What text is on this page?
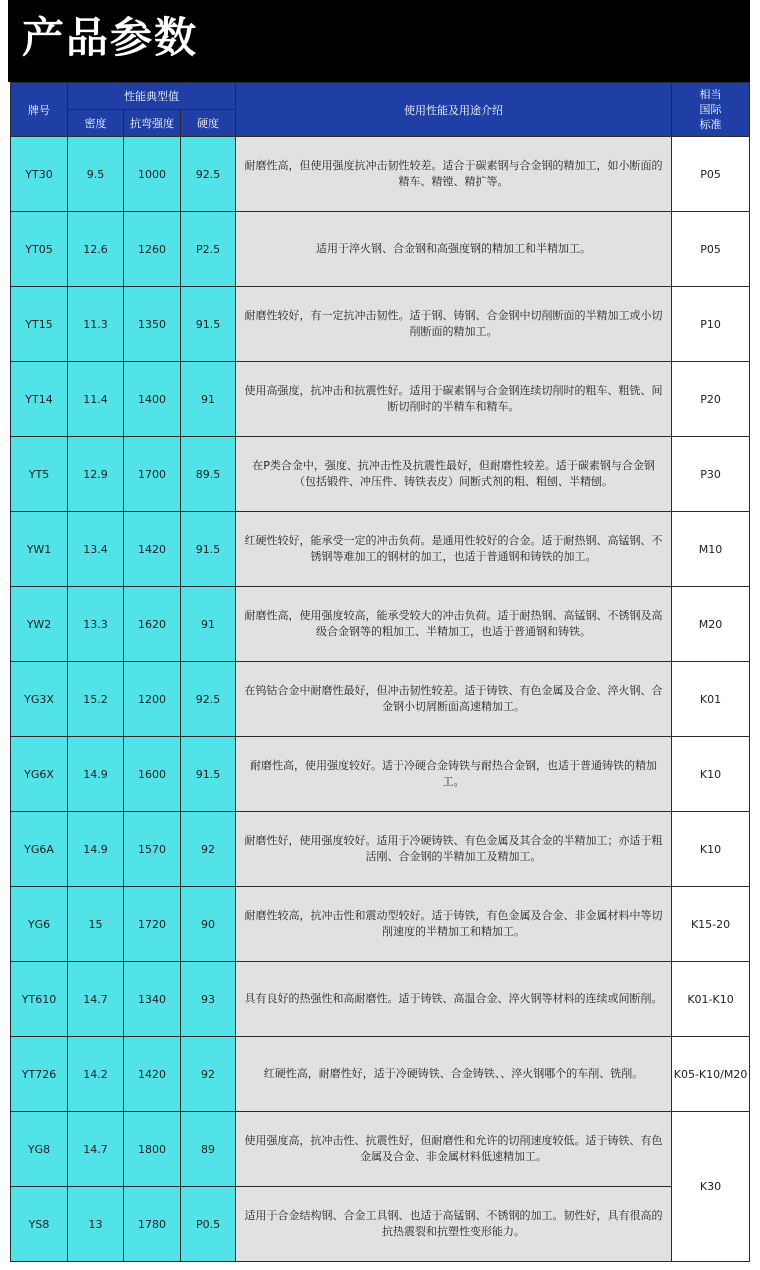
产品参数
牌号	性能典型值			使用性能及用途介绍	相当
国际
标准

	密度	抗弯强度	硬度		
YT30	9.5	1000	92.5	耐磨性高，但使用强度抗冲击韧性较差。适合于碳素钢与合金钢的精加工，如小断面的精车、精镗、精扩等。	P05
YT05	12.6	1260	P2.5	适用于淬火钢、合金钢和高强度钢的精加工和半精加工。	P05
YT15	11.3	1350	91.5	耐磨性较好，有一定抗冲击韧性。适于钢、铸钢、合金钢中切削断面的半精加工或小切削断面的精加工。	P10
YT14	11.4	1400	91	使用高强度，抗冲击和抗震性好。适用于碳素钢与合金钢连续切削时的粗车、粗铣、间断切削时的半精车和精车。	P20
YT5	12.9	1700	89.5	在P类合金中，强度、抗冲击性及抗震性最好，但耐磨性较差。适于碳素钢与合金钢（包括锻件、冲压件、铸铁表皮）间断式剂的粗、粗刨、半精刨。	P30
YW1	13.4	1420	91.5	红硬性较好，能承受一定的冲击负荷。是通用性较好的合金。适于耐热钢、高锰钢、不锈钢等难加工的钢材的加工，也适于普通钢和铸铁的加工。	M10
YW2	13.3	1620	91	耐磨性高，使用强度较高，能承受较大的冲击负荷。适于耐热钢、高锰钢、不锈钢及高级合金钢等的粗加工、半精加工，也适于普通钢和铸铁。	M20
YG3X	15.2	1200	92.5	在钨钴合金中耐磨性最好，但冲击韧性较差。适于铸铁、有色金属及合金、淬火钢、合金钢小切屑断面高速精加工。	K01
YG6X	14.9	1600	91.5	耐磨性高，使用强度较好。适于冷硬合金铸铁与耐热合金钢，也适于普通铸铁的精加工。	K10
YG6A	14.9	1570	92	耐磨性好，使用强度较好。适用于冷硬铸铁、有色金属及其合金的半精加工；亦适于粗活刚、合金钢的半精加工及精加工。	K10
YG6	15	1720	90	耐磨性较高，抗冲击性和震动型较好。适于铸铁，有色金属及合金、非金属材料中等切削速度的半精加工和精加工。	K15-20
YT610	14.7	1340	93	具有良好的热强性和高耐磨性。适于铸铁、高温合金、淬火钢等材料的连续或间断削。	K01-K10
YT726	14.2	1420	92	红硬性高，耐磨性好，适于冷硬铸铁、合金铸铁、、淬火钢哪个的车削、铣削。	K05-K10/M20
YG8	14.7	1800	89	使用强度高，抗冲击性、抗震性好，但耐磨性和允许的切削速度较低。适于铸铁、有色金属及合金、非金属材料低速精加工。	K30
YS8	13	1780	P0.5	适用于合金结构钢、合金工具钢、也适于高锰钢、不锈钢的加工。韧性好，具有很高的抗热震裂和抗塑性变形能力。	
